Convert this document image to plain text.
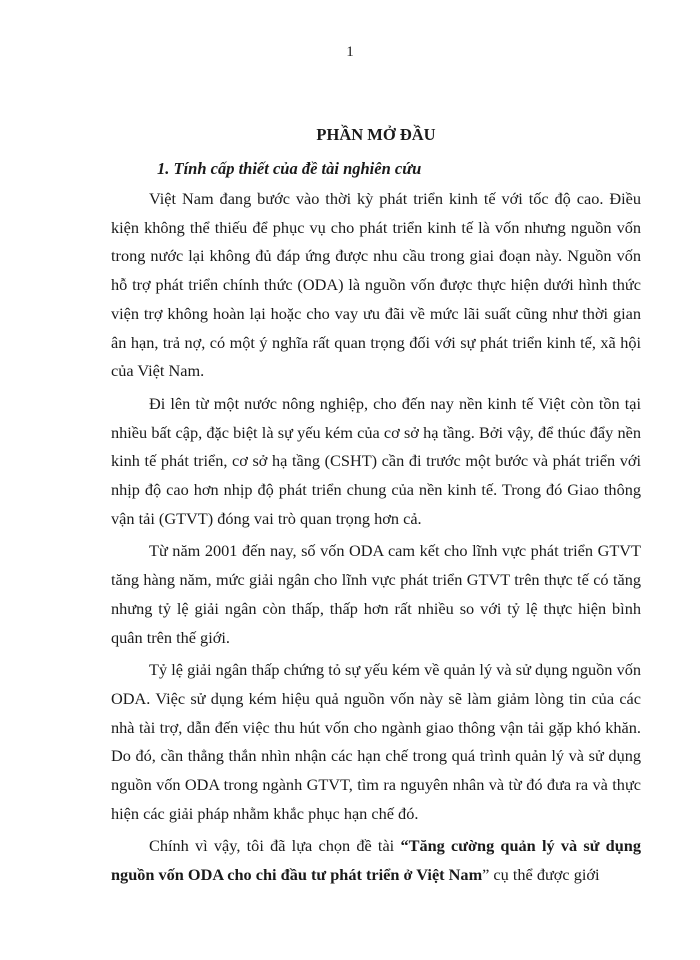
1
PHẦN MỞ ĐẦU
1. Tính cấp thiết của đề tài nghiên cứu

Việt Nam đang bước vào thời kỳ phát triển kinh tế với tốc độ cao. Điều kiện không thể thiếu để phục vụ cho phát triển kinh tế là vốn nhưng nguồn vốn trong nước lại không đủ đáp ứng được nhu cầu trong giai đoạn này. Nguồn vốn hỗ trợ phát triển chính thức (ODA) là nguồn vốn được thực hiện dưới hình thức viện trợ không hoàn lại hoặc cho vay ưu đãi về mức lãi suất cũng như thời gian ân hạn, trả nợ, có một ý nghĩa rất quan trọng đối với sự phát triển kinh tế, xã hội của Việt Nam.

Đi lên từ một nước nông nghiệp, cho đến nay nền kinh tế Việt còn tồn tại nhiều bất cập, đặc biệt là sự yếu kém của cơ sở hạ tầng. Bởi vậy, để thúc đẩy nền kinh tế phát triển, cơ sở hạ tầng (CSHT) cần đi trước một bước và phát triển với nhịp độ cao hơn nhịp độ phát triển chung của nền kinh tế. Trong đó Giao thông vận tải (GTVT) đóng vai trò quan trọng hơn cả.

Từ năm 2001 đến nay, số vốn ODA cam kết cho lĩnh vực phát triển GTVT tăng hàng năm, mức giải ngân cho lĩnh vực phát triển GTVT trên thực tế có tăng nhưng tỷ lệ giải ngân còn thấp, thấp hơn rất nhiều so với tỷ lệ thực hiện bình quân trên thế giới.

Tỷ lệ giải ngân thấp chứng tỏ sự yếu kém về quản lý và sử dụng nguồn vốn ODA. Việc sử dụng kém hiệu quả nguồn vốn này sẽ làm giảm lòng tin của các nhà tài trợ, dẫn đến việc thu hút vốn cho ngành giao thông vận tải gặp khó khăn. Do đó, cần thẳng thắn nhìn nhận các hạn chế trong quá trình quản lý và sử dụng nguồn vốn ODA trong ngành GTVT, tìm ra nguyên nhân và từ đó đưa ra và thực hiện các giải pháp nhằm khắc phục hạn chế đó.

Chính vì vậy, tôi đã lựa chọn đề tài “Tăng cường quản lý và sử dụng nguồn vốn ODA cho chi đầu tư phát triển ở Việt Nam” cụ thể được giới
